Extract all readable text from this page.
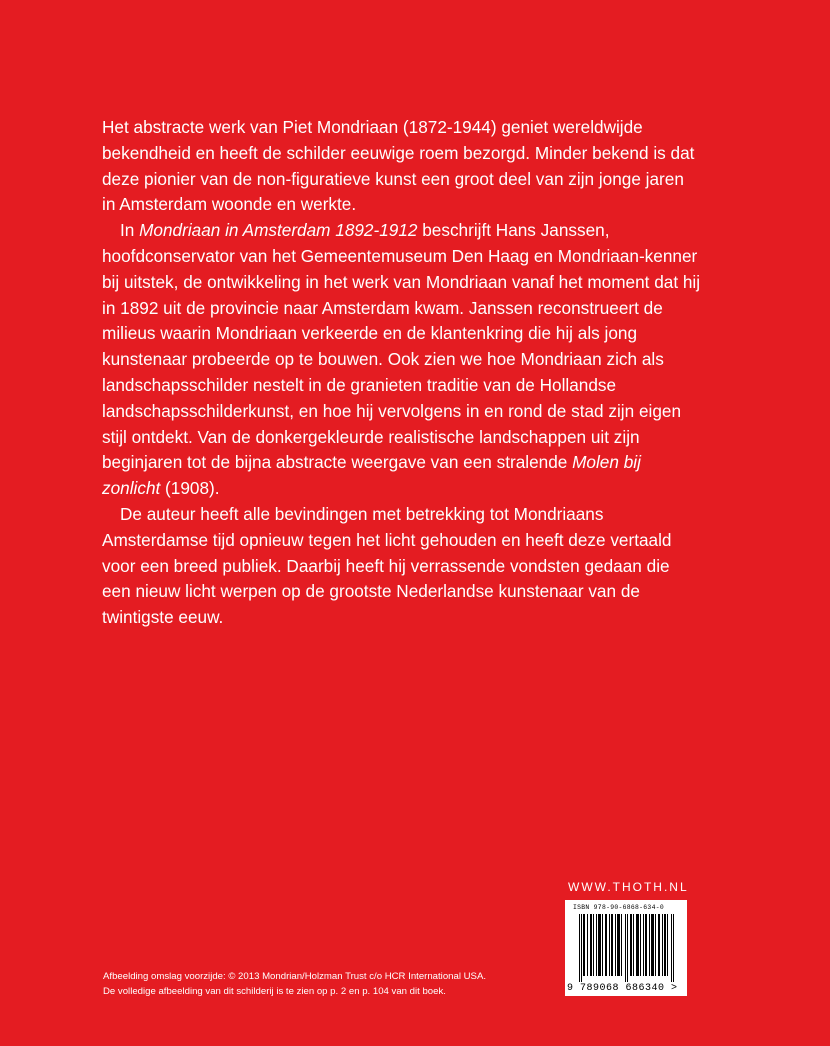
Het abstracte werk van Piet Mondriaan (1872-1944) geniet wereldwijde bekendheid en heeft de schilder eeuwige roem bezorgd. Minder bekend is dat deze pionier van de non-figuratieve kunst een groot deel van zijn jonge jaren in Amsterdam woonde en werkte.

In Mondriaan in Amsterdam 1892-1912 beschrijft Hans Janssen, hoofdconservator van het Gemeentemuseum Den Haag en Mondriaan-kenner bij uitstek, de ontwikkeling in het werk van Mondriaan vanaf het moment dat hij in 1892 uit de provincie naar Amsterdam kwam. Janssen reconstrueert de milieus waarin Mondriaan verkeerde en de klantenkring die hij als jong kunstenaar probeerde op te bouwen. Ook zien we hoe Mondriaan zich als landschapsschilder nestelt in de granieten traditie van de Hollandse landschapsschilderkunst, en hoe hij vervolgens in en rond de stad zijn eigen stijl ontdekt. Van de donkergekleurde realistische landschappen uit zijn beginjaren tot de bijna abstracte weergave van een stralende Molen bij zonlicht (1908).

De auteur heeft alle bevindingen met betrekking tot Mondriaans Amsterdamse tijd opnieuw tegen het licht gehouden en heeft deze vertaald voor een breed publiek. Daarbij heeft hij verrassende vondsten gedaan die een nieuw licht werpen op de grootste Nederlandse kunstenaar van de twintigste eeuw.

WWW.THOTH.NL
ISBN 978-90-6868-634-0
9 789068 686340 >
Afbeelding omslag voorzijde: © 2013 Mondrian/Holzman Trust c/o HCR International USA.
De volledige afbeelding van dit schilderij is te zien op p. 2 en p. 104 van dit boek.
